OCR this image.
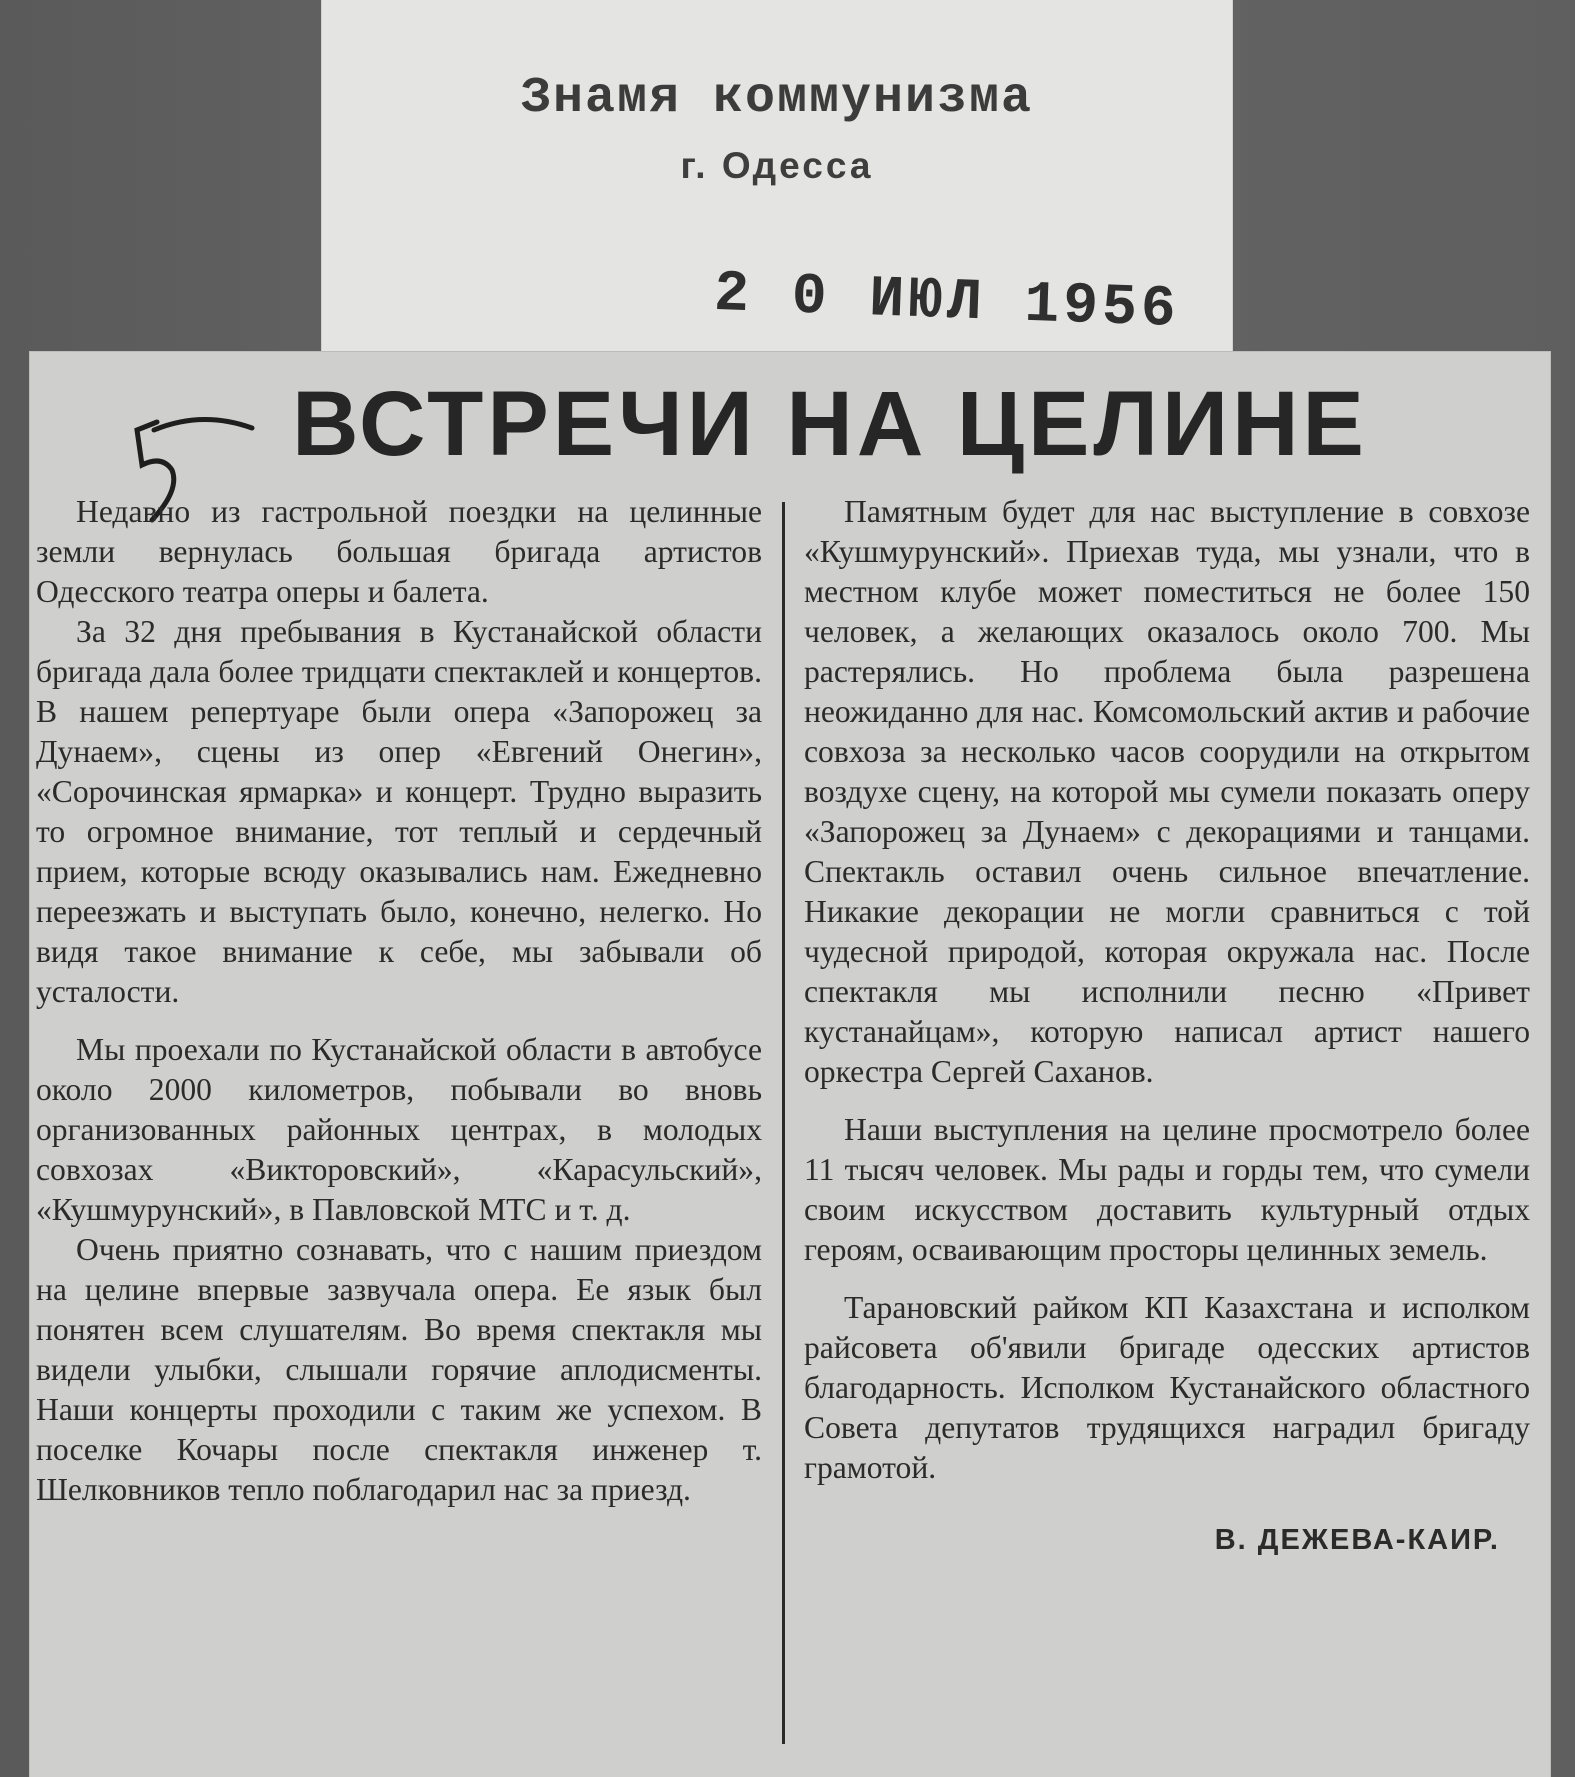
Знамя коммунизма
г. Одесса
2 0 ИЮЛ 1956
ВСТРЕЧИ НА ЦЕЛИНЕ

Недавно из гастрольной поездки на целинные земли вернулась большая бригада артистов Одесского театра оперы и балета.

За 32 дня пребывания в Кустанайской области бригада дала более тридцати спектаклей и концертов. В нашем репертуаре были опера «Запорожец за Дунаем», сцены из опер «Евгений Онегин», «Сорочинская ярмарка» и концерт. Трудно выразить то огромное внимание, тот теплый и сердечный прием, которые всюду оказывались нам. Ежедневно переезжать и выступать было, конечно, нелегко. Но видя такое внимание к себе, мы забывали об усталости.

Мы проехали по Кустанайской области в автобусе около 2000 километров, побывали во вновь организованных районных центрах, в молодых совхозах «Викторовский», «Карасульский», «Кушмурунский», в Павловской МТС и т. д.

Очень приятно сознавать, что с нашим приездом на целине впервые зазвучала опера. Ее язык был понятен всем слушателям. Во время спектакля мы видели улыбки, слышали горячие аплодисменты. Наши концерты проходили с таким же успехом. В поселке Кочары после спектакля инженер т. Шелковников тепло поблагодарил нас за приезд.

Памятным будет для нас выступление в совхозе «Кушмурунский». Приехав туда, мы узнали, что в местном клубе может поместиться не более 150 человек, а желающих оказалось около 700. Мы растерялись. Но проблема была разрешена неожиданно для нас. Комсомольский актив и рабочие совхоза за несколько часов соорудили на открытом воздухе сцену, на которой мы сумели показать оперу «Запорожец за Дунаем» с декорациями и танцами. Спектакль оставил очень сильное впечатление. Никакие декорации не могли сравниться с той чудесной природой, которая окружала нас. После спектакля мы исполнили песню «Привет кустанайцам», которую написал артист нашего оркестра Сергей Саханов.

Наши выступления на целине просмотрело более 11 тысяч человек. Мы рады и горды тем, что сумели своим искусством доставить культурный отдых героям, осваивающим просторы целинных земель.

Тарановский райком КП Казахстана и исполком райсовета об'явили бригаде одесских артистов благодарность. Исполком Кустанайского областного Совета депутатов трудящихся наградил бригаду грамотой.

В. ДЕЖЕВА-КАИР.
